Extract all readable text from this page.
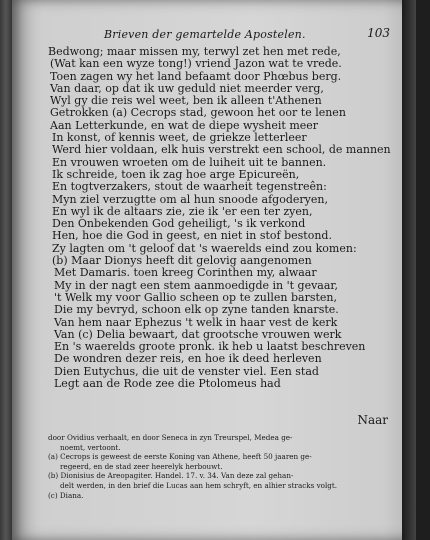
Brieven der gemartelde Apostelen.	103
Bedwong; maar missen my, terwyl zet hen met rede,
(Wat kan een wyze tong!) vriend Jazon wat te vrede.
Toen zagen wy het land befaamt door Phœbus berg.
Van daar, op dat ik uw geduld niet meerder verg,
Wyl gy die reis wel weet, ben ik alleen t'Athenen
Getrokken (a) Cecrops stad, gewoon het oor te lenen
Aan Letterkunde, en wat de diepe wysheit meer
In konst, of kennis weet, de griekze letterleer
Werd hier voldaan, elk huis verstrekt een school, de mannen
En vrouwen wroeten om de luiheit uit te bannen.
Ik schreide, toen ik zag hoe arge Epicureën,
En togtverzakers, stout de waarheit tegenstreên:
Myn ziel verzugtte om al hun snoode afgoderyen,
En wyl ik de altaars zie, zie ik 'er een ter zyen,
Den Onbekenden God geheiligt, 's ik verkond
Hen, hoe die God in geest, en niet in stof bestond.
Zy lagten om 't geloof dat 's waerelds eind zou komen:
(b) Maar Dionys heeft dit gelovig aangenomen
Met Damaris. toen kreeg Corinthen my, alwaar
My in der nagt een stem aanmoedigde in 't gevaar,
't Welk my voor Gallio scheen op te zullen barsten,
Die my bevryd, schoon elk op zyne tanden knarste.
Van hem naar Ephezus 't welk in haar vest de kerk
Van (c) Delia bewaart, dat grootsche vrouwen werk
En 's waerelds groote pronk. ik heb u laatst beschreven
De wondren dezer reis, en hoe ik deed herleven
Dien Eutychus, die uit de venster viel. Een stad
Legt aan de Rode zee die Ptolomeus had
Naar
door Ovidius verhaalt, en door Seneca in zyn Treurspel, Medea ge-
noemt, vertoont.
(a) Cecrops is geweest de eerste Koning van Athene, heeft 50 jaaren ge-
regeerd, en de stad zeer heerelyk herbouwt.
(b) Dionisius de Areopagiter. Handel. 17. v. 34. Van deze zal gehan-
delt werden, in den brief die Lucas aan hem schryft, en alhier stracks volgt.
(c) Diana.
